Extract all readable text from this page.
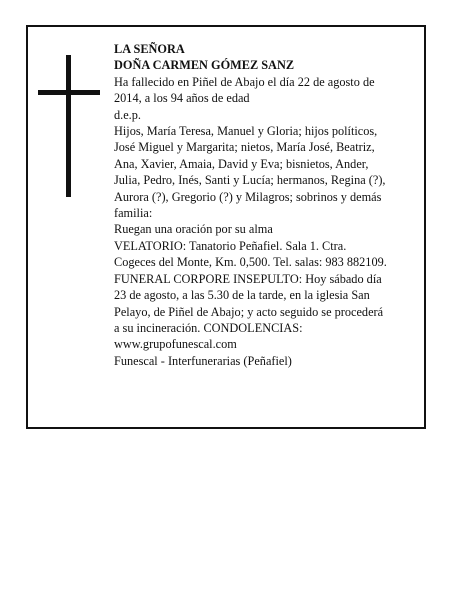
LA SEÑORA
DOÑA CARMEN GÓMEZ SANZ
Ha fallecido en Piñel de Abajo el día 22 de agosto de
2014, a los 94 años de edad
d.e.p.
Hijos, María Teresa, Manuel y Gloria; hijos políticos,
José Miguel y Margarita; nietos, María José, Beatriz,
Ana, Xavier, Amaia, David y Eva; bisnietos, Ander,
Julia, Pedro, Inés, Santi y Lucía; hermanos, Regina (?),
Aurora (?), Gregorio (?) y Milagros; sobrinos y demás
familia:
Ruegan una oración por su alma
VELATORIO: Tanatorio Peñafiel. Sala 1. Ctra.
Cogeces del Monte, Km. 0,500. Tel. salas: 983 882109.
FUNERAL CORPORE INSEPULTO: Hoy sábado día
23 de agosto, a las 5.30 de la tarde, en la iglesia San
Pelayo, de Piñel de Abajo; y acto seguido se procederá
a su incineración. CONDOLENCIAS:
www.grupofunescal.com
Funescal - Interfunerarias (Peñafiel)
